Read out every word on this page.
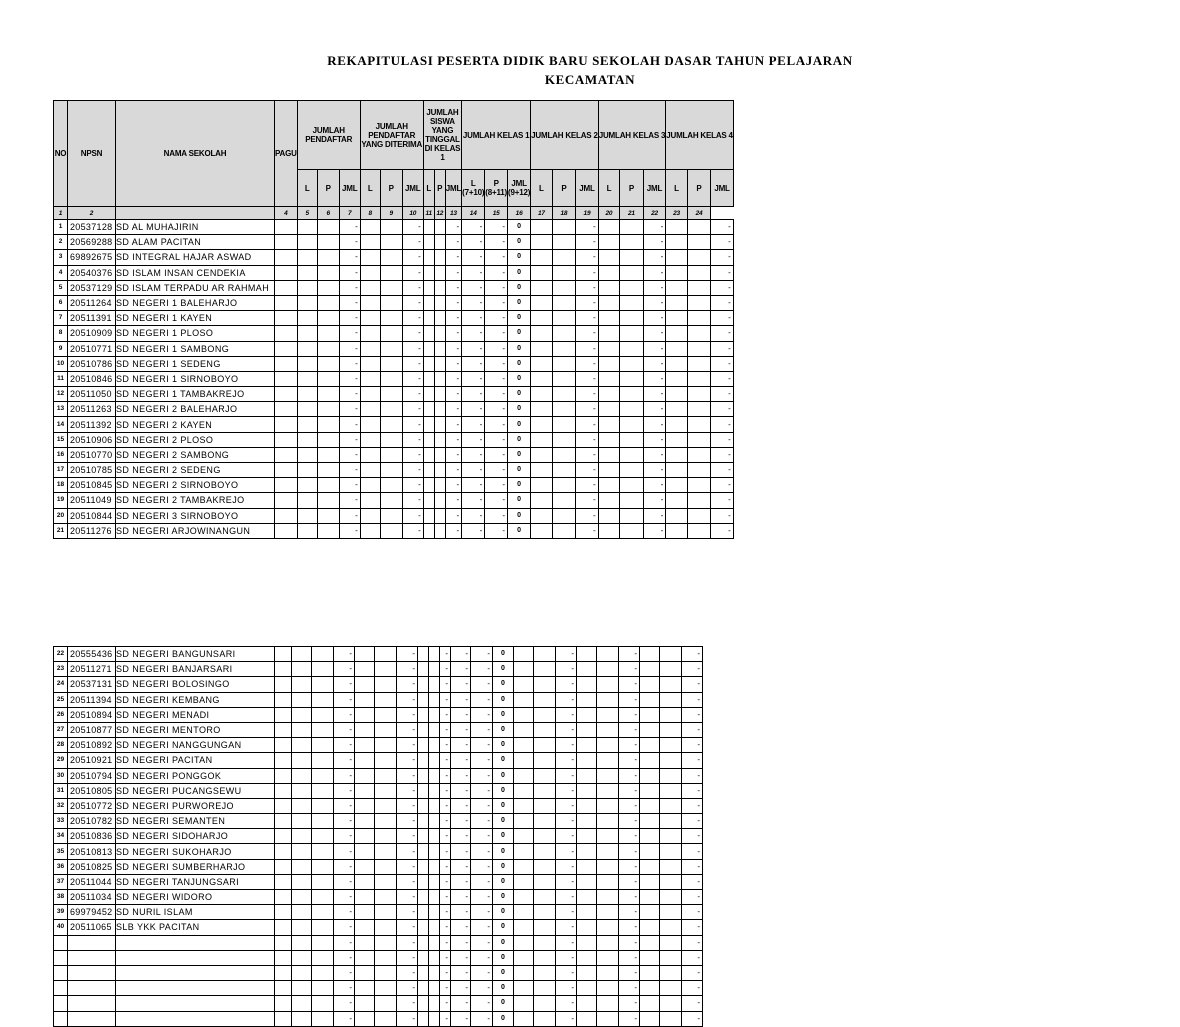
REKAPITULASI PESERTA DIDIK BARU SEKOLAH DASAR TAHUN PELAJARAN
KECAMATAN
NO	NPSN	NAMA SEKOLAH	PAGU	JUMLAH PENDAFTAR			JUMLAH PENDAFTAR YANG DITERIMA			JUMLAH SISWA YANG TINGGAL DI KELAS 1			JUMLAH KELAS 1			JUMLAH KELAS 2			JUMLAH KELAS 3			JUMLAH KELAS 4		
				L	P	JML	L	P	JML	L	P	JML	L (7+10)	P (8+11)	JML (9+12)	L	P	JML	L	P	JML	L	P	JML
1	2		4	5	6	7	8	9	10	11	12	13	14	15	16	17	18	19	20	21	22	23	24	
1	20537128	SD AL MUHAJIRIN				-			-			-	-	-	0			-			-			-
2	20569288	SD ALAM PACITAN				-			-			-	-	-	0			-			-			-
3	69892675	SD INTEGRAL HAJAR ASWAD				-			-			-	-	-	0			-			-			-
4	20540376	SD ISLAM INSAN CENDEKIA				-			-			-	-	-	0			-			-			-
5	20537129	SD ISLAM TERPADU AR RAHMAH				-			-			-	-	-	0			-			-			-
6	20511264	SD NEGERI 1 BALEHARJO				-			-			-	-	-	0			-			-			-
7	20511391	SD NEGERI 1 KAYEN				-			-			-	-	-	0			-			-			-
8	20510909	SD NEGERI 1 PLOSO				-			-			-	-	-	0			-			-			-
9	20510771	SD NEGERI 1 SAMBONG				-			-			-	-	-	0			-			-			-
10	20510786	SD NEGERI 1 SEDENG				-			-			-	-	-	0			-			-			-
11	20510846	SD NEGERI 1 SIRNOBOYO				-			-			-	-	-	0			-			-			-
12	20511050	SD NEGERI 1 TAMBAKREJO				-			-			-	-	-	0			-			-			-
13	20511263	SD NEGERI 2 BALEHARJO				-			-			-	-	-	0			-			-			-
14	20511392	SD NEGERI 2 KAYEN				-			-			-	-	-	0			-			-			-
15	20510906	SD NEGERI 2 PLOSO				-			-			-	-	-	0			-			-			-
16	20510770	SD NEGERI 2 SAMBONG				-			-			-	-	-	0			-			-			-
17	20510785	SD NEGERI 2 SEDENG				-			-			-	-	-	0			-			-			-
18	20510845	SD NEGERI 2 SIRNOBOYO				-			-			-	-	-	0			-			-			-
19	20511049	SD NEGERI 2 TAMBAKREJO				-			-			-	-	-	0			-			-			-
20	20510844	SD NEGERI 3 SIRNOBOYO				-			-			-	-	-	0			-			-			-
21	20511276	SD NEGERI ARJOWINANGUN				-			-			-	-	-	0			-			-			-
22	20555436	SD NEGERI BANGUNSARI				-			-			-	-	-	0			-			-			-
23	20511271	SD NEGERI BANJARSARI				-			-			-	-	-	0			-			-			-
24	20537131	SD NEGERI BOLOSINGO				-			-			-	-	-	0			-			-			-
25	20511394	SD NEGERI KEMBANG				-			-			-	-	-	0			-			-			-
26	20510894	SD NEGERI MENADI				-			-			-	-	-	0			-			-			-
27	20510877	SD NEGERI MENTORO				-			-			-	-	-	0			-			-			-
28	20510892	SD NEGERI NANGGUNGAN				-			-			-	-	-	0			-			-			-
29	20510921	SD NEGERI PACITAN				-			-			-	-	-	0			-			-			-
30	20510794	SD NEGERI PONGGOK				-			-			-	-	-	0			-			-			-
31	20510805	SD NEGERI PUCANGSEWU				-			-			-	-	-	0			-			-			-
32	20510772	SD NEGERI PURWOREJO				-			-			-	-	-	0			-			-			-
33	20510782	SD NEGERI SEMANTEN				-			-			-	-	-	0			-			-			-
34	20510836	SD NEGERI SIDOHARJO				-			-			-	-	-	0			-			-			-
35	20510813	SD NEGERI SUKOHARJO				-			-			-	-	-	0			-			-			-
36	20510825	SD NEGERI SUMBERHARJO				-			-			-	-	-	0			-			-			-
37	20511044	SD NEGERI TANJUNGSARI				-			-			-	-	-	0			-			-			-
38	20511034	SD NEGERI WIDORO				-			-			-	-	-	0			-			-			-
39	69979452	SD NURIL ISLAM				-			-			-	-	-	0			-			-			-
40	20511065	SLB YKK PACITAN				-			-			-	-	-	0			-			-			-
						-			-			-	-	-	0			-			-			-
						-			-			-	-	-	0			-			-			-
						-			-			-	-	-	0			-			-			-
						-			-			-	-	-	0			-			-			-
						-			-			-	-	-	0			-			-			-
						-			-			-	-	-	0			-			-			-
